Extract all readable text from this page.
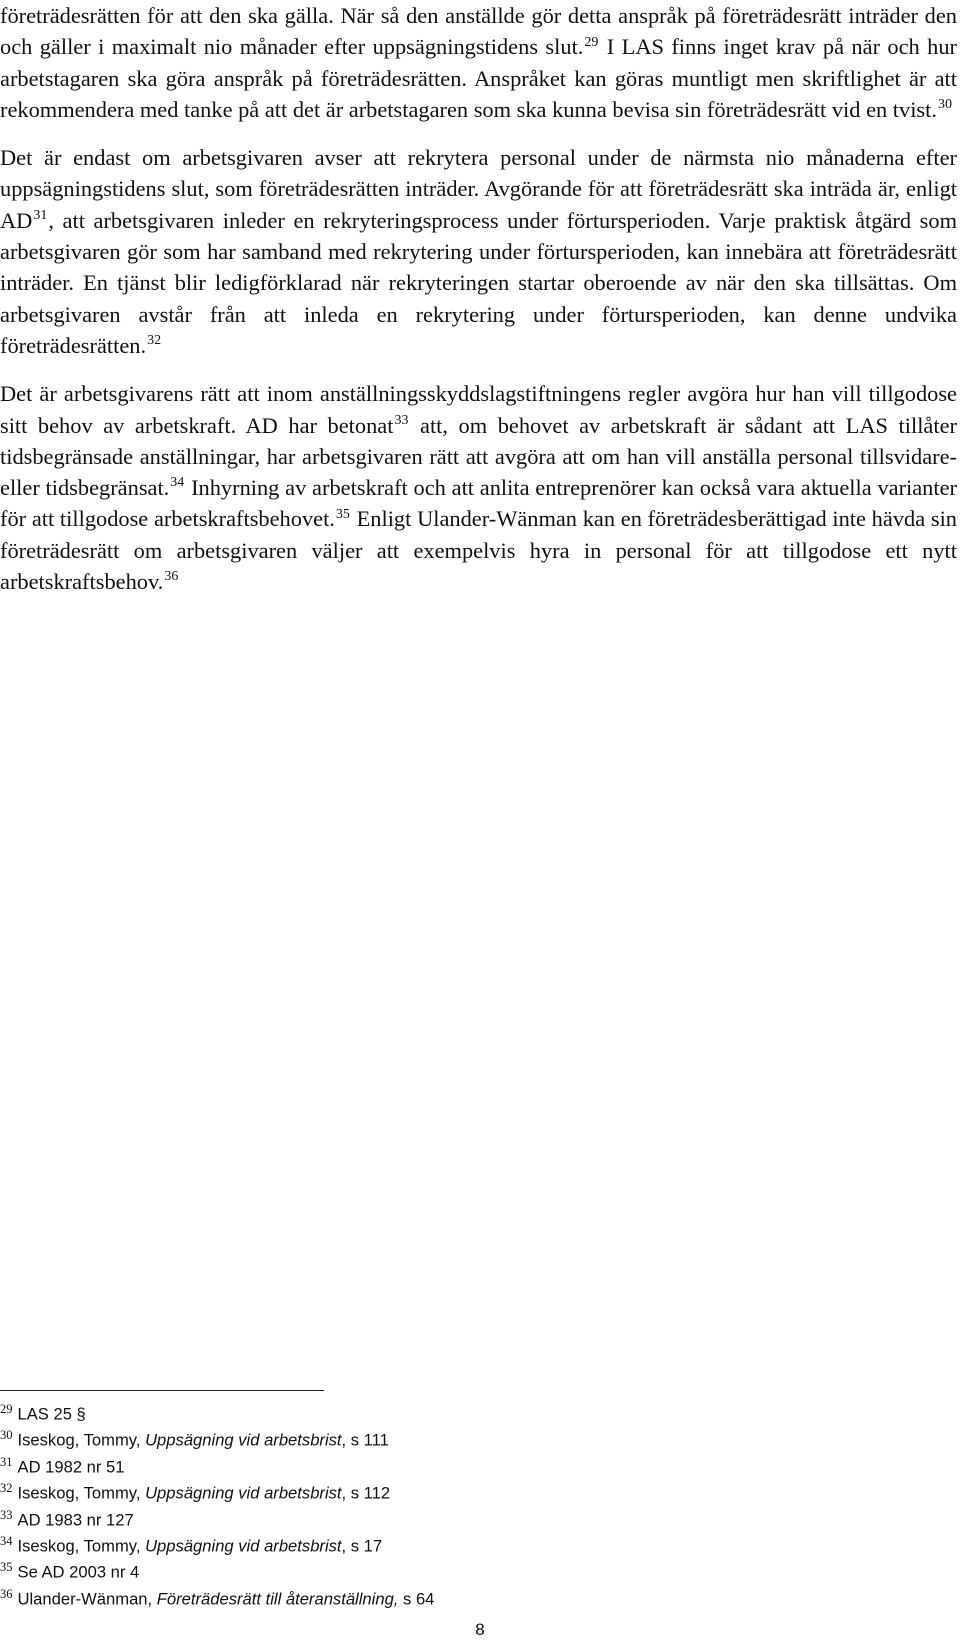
företrädesrätten för att den ska gälla. När så den anställde gör detta anspråk på företrädesrätt inträder den och gäller i maximalt nio månader efter uppsägningstidens slut.$^{29}$ I LAS finns inget krav på när och hur arbetstagaren ska göra anspråk på företrädesrätten. Anspråket kan göras muntligt men skriftlighet är att rekommendera med tanke på att det är arbetstagaren som ska kunna bevisa sin företrädesrätt vid en tvist.$^{30}$

Det är endast om arbetsgivaren avser att rekrytera personal under de närmsta nio månaderna efter uppsägningstidens slut, som företrädesrätten inträder. Avgörande för att företrädesrätt ska inträda är, enligt AD$^{31}$, att arbetsgivaren inleder en rekryteringsprocess under förtursperioden. Varje praktisk åtgärd som arbetsgivaren gör som har samband med rekrytering under förtursperioden, kan innebära att företrädesrätt inträder. En tjänst blir ledigförklarad när rekryteringen startar oberoende av när den ska tillsättas. Om arbetsgivaren avstår från att inleda en rekrytering under förtursperioden, kan denne undvika företrädesrätten.$^{32}$

Det är arbetsgivarens rätt att inom anställningsskyddslagstiftningens regler avgöra hur han vill tillgodose sitt behov av arbetskraft. AD har betonat$^{33}$ att, om behovet av arbetskraft är sådant att LAS tillåter tidsbegränsade anställningar, har arbetsgivaren rätt att avgöra att om han vill anställa personal tillsvidare- eller tidsbegränsat.$^{34}$ Inhyrning av arbetskraft och att anlita entreprenörer kan också vara aktuella varianter för att tillgodose arbetskraftsbehovet.$^{35}$ Enligt Ulander-Wänman kan en företrädesberättigad inte hävda sin företrädesrätt om arbetsgivaren väljer att exempelvis hyra in personal för att tillgodose ett nytt arbetskraftsbehov.$^{36}$

$^{29}$ LAS 25 §
$^{30}$ Iseskog, Tommy, Uppsägning vid arbetsbrist, s 111
$^{31}$ AD 1982 nr 51
$^{32}$ Iseskog, Tommy, Uppsägning vid arbetsbrist, s 112
$^{33}$ AD 1983 nr 127
$^{34}$ Iseskog, Tommy, Uppsägning vid arbetsbrist, s 17
$^{35}$ Se AD 2003 nr 4
$^{36}$ Ulander-Wänman, Företrädesrätt till återanställning, s 64
8
